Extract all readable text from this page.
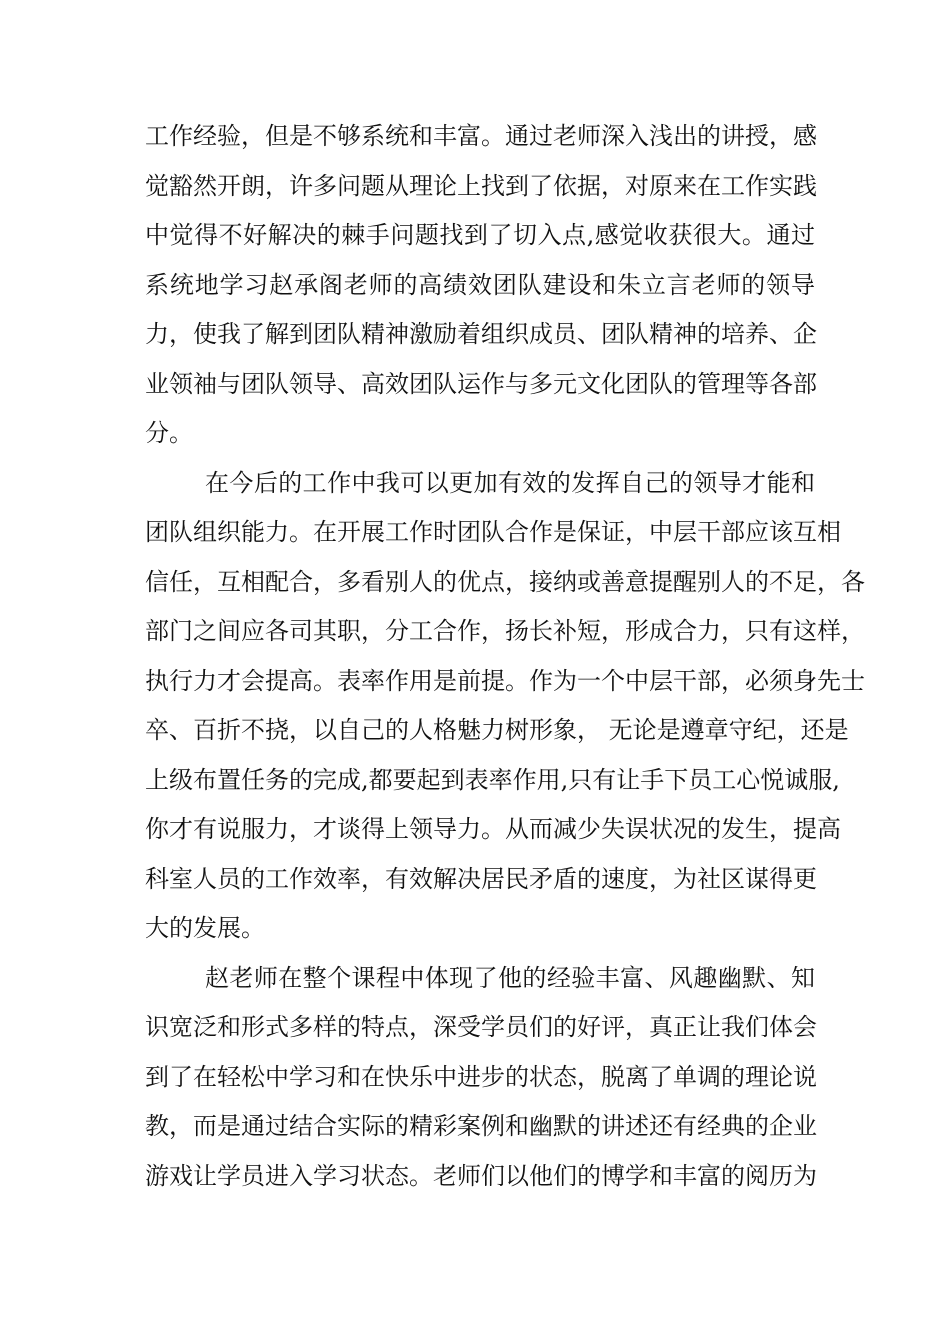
工作经验，但是不够系统和丰富。通过老师深入浅出的讲授，感
觉豁然开朗，许多问题从理论上找到了依据，对原来在工作实践
中觉得不好解决的棘手问题找到了切入点,感觉收获很大。通过
系统地学习赵承阁老师的高绩效团队建设和朱立言老师的领导
力，使我了解到团队精神激励着组织成员、团队精神的培养、企
业领袖与团队领导、高效团队运作与多元文化团队的管理等各部
分。
在今后的工作中我可以更加有效的发挥自己的领导才能和
团队组织能力。在开展工作时团队合作是保证，中层干部应该互相
信任，互相配合，多看别人的优点，接纳或善意提醒别人的不足，各
部门之间应各司其职，分工合作，扬长补短，形成合力，只有这样，
执行力才会提高。表率作用是前提。作为一个中层干部，必须身先士
卒、百折不挠，以自己的人格魅力树形象， 无论是遵章守纪，还是
上级布置任务的完成,都要起到表率作用,只有让手下员工心悦诚服,
你才有说服力，才谈得上领导力。从而减少失误状况的发生，提高
科室人员的工作效率，有效解决居民矛盾的速度，为社区谋得更
大的发展。
赵老师在整个课程中体现了他的经验丰富、风趣幽默、知
识宽泛和形式多样的特点，深受学员们的好评，真正让我们体会
到了在轻松中学习和在快乐中进步的状态，脱离了单调的理论说
教，而是通过结合实际的精彩案例和幽默的讲述还有经典的企业
游戏让学员进入学习状态。老师们以他们的博学和丰富的阅历为
